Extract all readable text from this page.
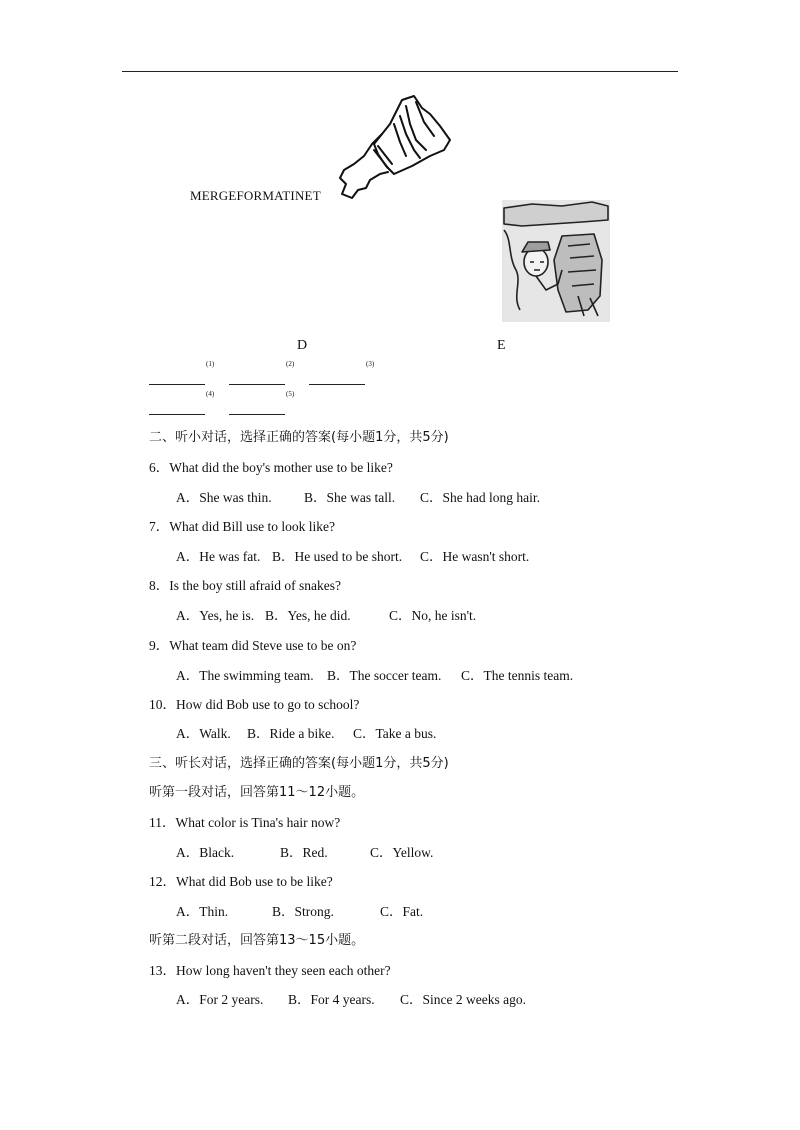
MERGEFORMATINET
D	E
$^{(1)}$	$^{(2)}$	$^{(3)}$
$^{(4)}$	$^{(5)}$
二、听小对话，选择正确的答案(每小题1分，共5分)
6．What did the boy's mother use to be like?
A．She was thin. B．She was tall. C．She had long hair.
7．What did Bill use to look like?
A．He was fat. B．He used to be short. C．He wasn't short.
8．Is the boy still afraid of snakes?
A．Yes, he is. B．Yes, he did.	C．No, he isn't.
9．What team did Steve use to be on?
A．The swimming team. B．The soccer team. C．The tennis team.
10．How did Bob use to go to school?
A．Walk. B．Ride a bike. C．Take a bus.
三、听长对话，选择正确的答案(每小题1分，共5分)
听第一段对话，回答第11～12小题。
11．What color is Tina's hair now?
A．Black.	B．Red.	C．Yellow.
12．What did Bob use to be like?
A．Thin.	B．Strong.	C．Fat.
听第二段对话，回答第13～15小题。
13．How long haven't they seen each other?
A．For 2 years. B．For 4 years. C．Since 2 weeks ago.
